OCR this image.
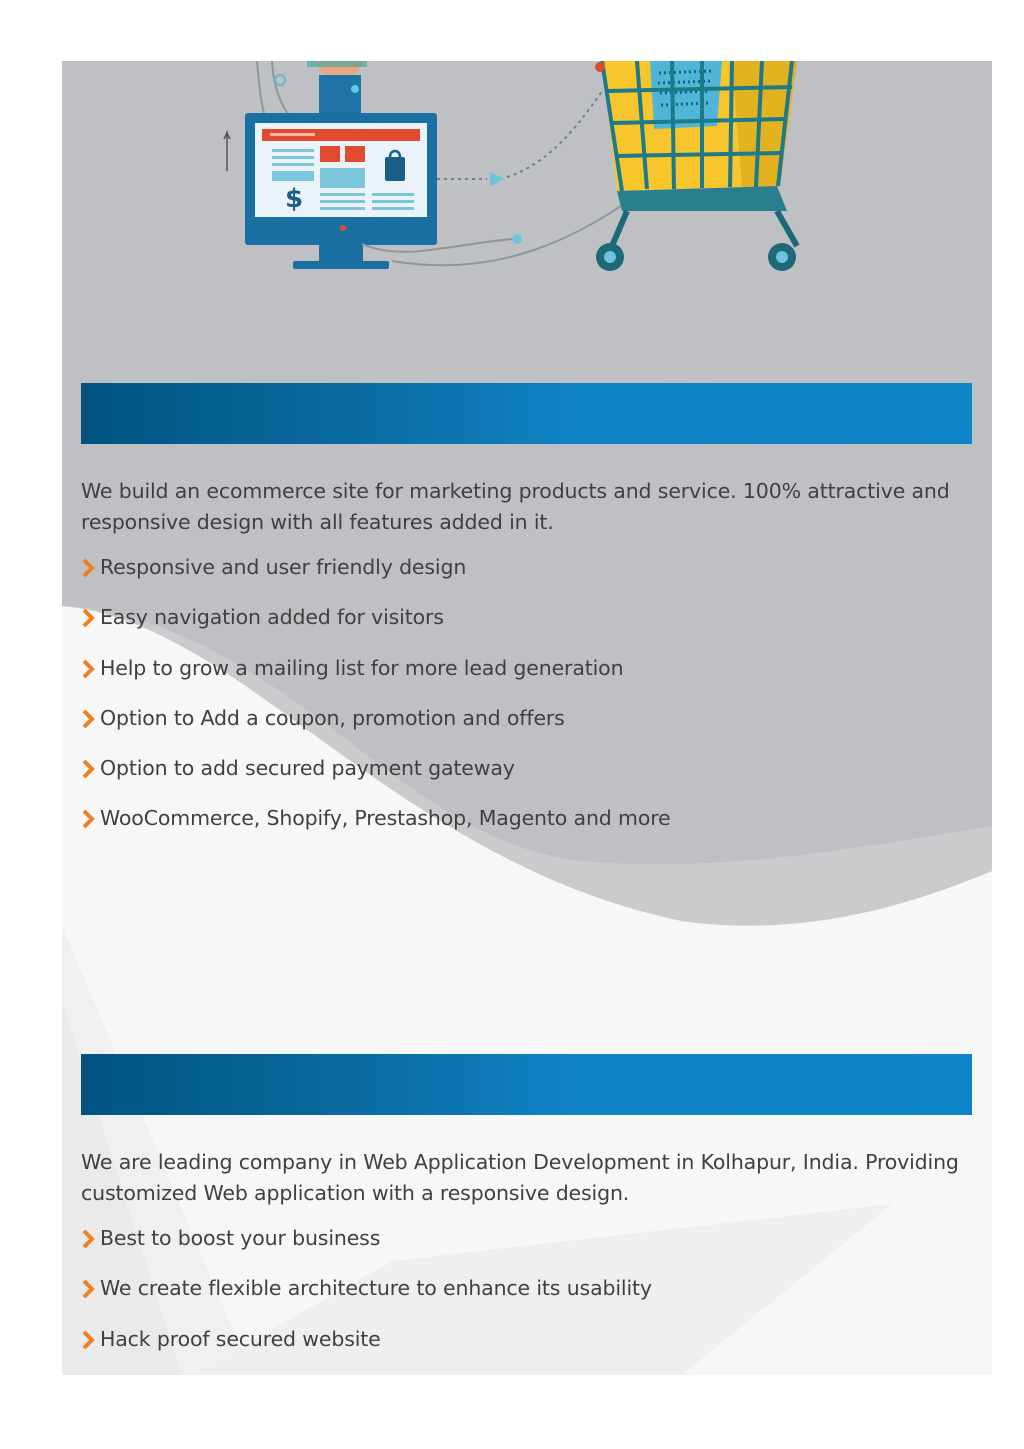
$

We build an ecommerce site for marketing products and service. 100% attractive and responsive design with all features added in it.

Responsive and user friendly design
Easy navigation added for visitors
Help to grow a mailing list for more lead generation
Option to Add a coupon, promotion and offers
Option to add secured payment gateway
WooCommerce, Shopify, Prestashop, Magento and more

We are leading company in Web Application Development in Kolhapur, India. Providing customized Web application with a responsive design.

Best to boost your business
We create flexible architecture to enhance its usability
Hack proof secured website
